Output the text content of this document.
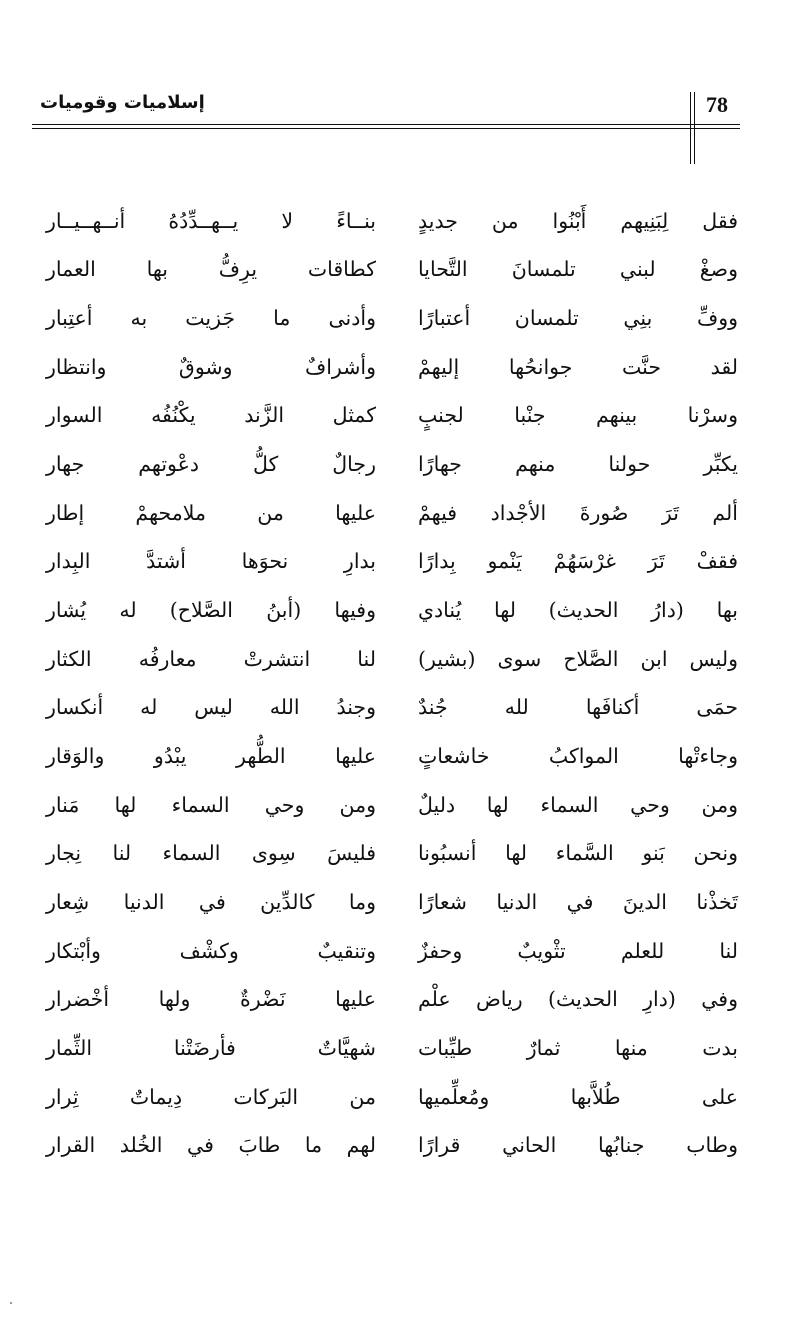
78
إسلاميات وقوميات
فقل لِبَنِيهم أَبْنُوا من جديدٍ
بنــاءً لا يــهــدِّدُهُ أنــهــيــار
وصغْ لبني تلمسانَ التَّحايا
كطاقات يرِفُّ بها العمار
ووفِّ بنِي تلمسان أعتبارًا
وأدنى ما جَزيت به أعتِبار
لقد حنَّت جوانحُها إليهمْ
وأشرافٌ وشوقٌ وانتظار
وسرْنا بينهم جنْبا لجنبٍ
كمثل الزَّند يكْنُفُه السوار
يكبِّر حولنا منهم جهارًا
رجالٌ كلُّ دعْوتهم جهار
ألم تَرَ صُورةَ الأجْداد فيهمْ
عليها من ملامحهمْ إطار
فقفْ تَرَ غرْسَهُمْ يَنْمو بِدارًا
بدارِ نحوَها أشتدَّ البِدار
بها (دارُ الحديث) لها يُنادي
وفيها (أبنُ الصَّلاح) له يُشار
وليس ابن الصَّلاح سوى (بشير)
لنا انتشرتْ معارفُه الكثار
حمَى أكنافَها لله جُندٌ
وجندُ الله ليس له أنكسار
وجاءتْها المواكبُ خاشعاتٍ
عليها الطُّهر يبْدُو والوَقار
ومن وحي السماء لها دليلٌ
ومن وحي السماء لها مَنار
ونحن بَنو السَّماء لها أنسبُونا
فليسَ سِوى السماء لنا نِجار
تَخذْنا الدينَ في الدنيا شعارًا
وما كالدِّين في الدنيا شِعار
لنا للعلم تثْويبٌ وحفزٌ
وتنقيبٌ وكشْف وأبْتكار
وفي (دارِ الحديث) رياض علْم
عليها نَضْرةٌ ولها أخْضرار
بدت منها ثمارٌ طيِّبات
شهيَّاتٌ فأرضَتْنا الثِّمار
على طُلاَّبها ومُعلِّميها
من البَركات دِيماتٌ ثِرار
وطاب جنابُها الحاني قرارًا
لهم ما طابَ في الخُلد القرار
